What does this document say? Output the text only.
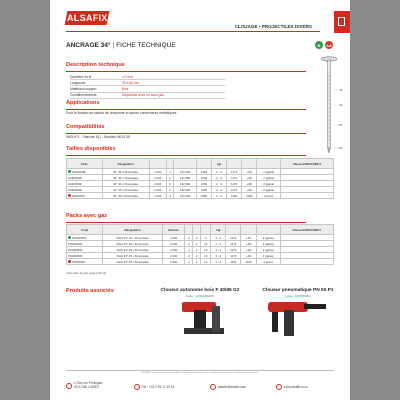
ALSAFIX
CLOUAGE • PROJECTILES DIVERS
ANCRAGE 34° | FICHE TECHNIQUE	B	AA
Description technique
Diamètre du fil	4,0 mm
Longueurs	35 à 60 mm
Matériaux support	Bois
Conditionnements	Disponible avec ou sans gaz
35
40
50
60
Applications
Pour la fixation de sabots de charpente et autres connecteurs métalliques
Compatibilités
PASLIP1 - Paslode IQ1 - Bostitch MCN 38
Tailles disponibles
Code	Désignation					kg/				Classe EUROCODE 5
34440035b	34° 40 x 35 annelée	2 000	2	132 000	1130	2 - 4	1173	+4l1	2 (galva)	
34400040b	34° 40 x 40 annelée	2 000	2	132 000	1540	2 - 4	1173	+4l2	2 (galva)	
34400050b	34° 40 x 50 annelée	2 000	2	132 000	1150	2 - 4	1173	+4l2	2 (galva)	
34400060b	34° 40 x 60 annelée	2 000	2	132 000	1190	2 - 4	1173	+4l1	2 (galva)	
34400035	34° 40 x 50 annelée	2 000	2	132 000	1580	2 - 4	1190	1190	2 (inox)	
Packs avec gaz
Code	Désignation	Bonnes				kg/				Classe EUROCODE 5
P3440035b	Pack 34° 40 x 35 annelée	2 000	2	2	4	2 - 4	1173	+4l1	2 (galva)	
P3440040b	Pack 34° 40 x 40 annelée	2 000	2	2	10	2 - 4	1173	+4l2	2 (galva)	
P3440050b	Pack 34° 40 x 50 annelée	2 000	2	2	10	2 - 4	1173	+4l2	2 (galva)	
P3440060b	Pack 34° 40 x 60 annelée	2 000	2	2	10	2 - 4	1173	+4l1	2 (galva)	
P3440035	Pack 34° 40 x 50 annelée	2 000	2	2	10	2 - 4	1190	1190	2 (inox)	
Cartouche de gaz (vague 80 ml)
Produits associés	Cloueur autonome bois F 40/65 G2
Code : 1240245GMC
Cloueur pneumatique PN 50 P1
Code : 10PN5ARO
ALSAFIX se réserve le droit de modifier, compléter ou supprimer tout ou partie du contenu de ce document sans préavis.
1 Rue rue Principale
49 47260 CARES	Tel : +33 2 99 72 15 51	alsafix@alsafix.com	www.alsafix.com
